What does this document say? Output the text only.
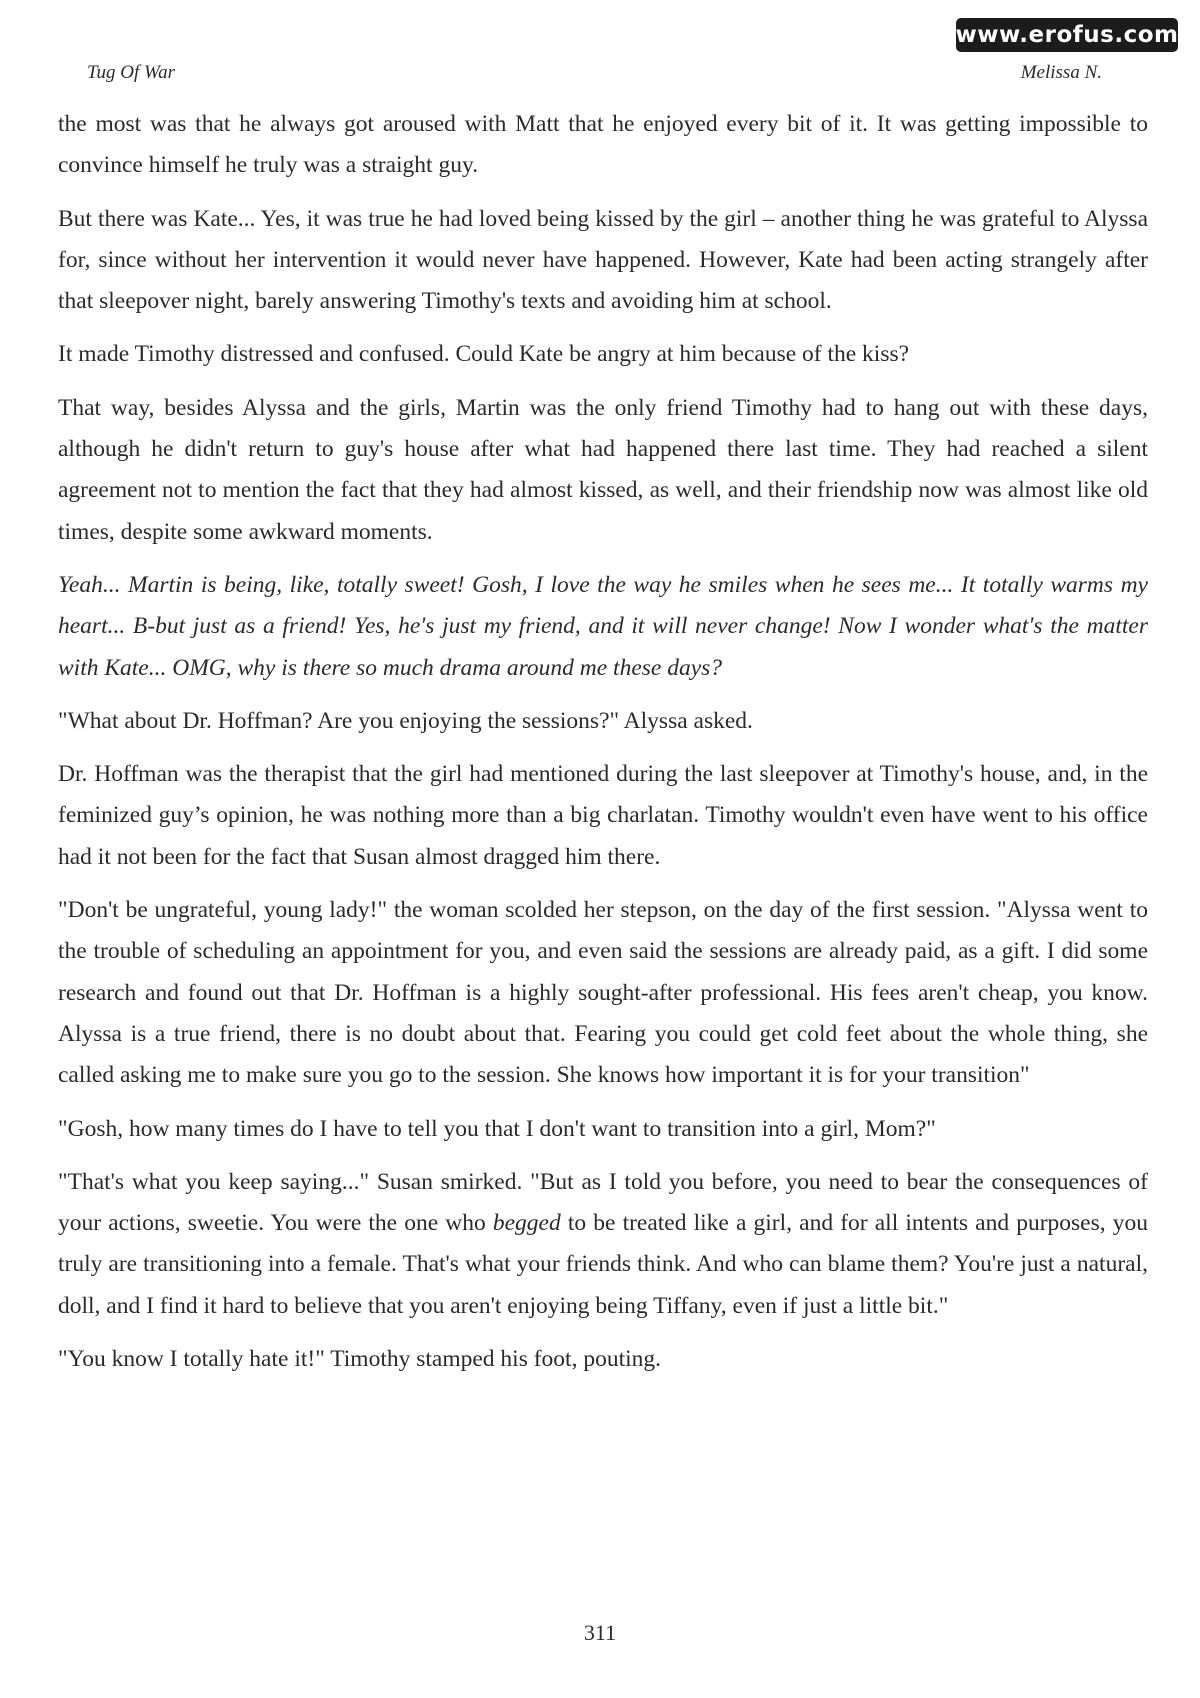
www.erofus.com
Tug Of War	Melissa N.

the most was that he always got aroused with Matt that he enjoyed every bit of it. It was getting impossible to convince himself he truly was a straight guy.

But there was Kate... Yes, it was true he had loved being kissed by the girl – another thing he was grateful to Alyssa for, since without her intervention it would never have happened. However, Kate had been acting strangely after that sleepover night, barely answering Timothy's texts and avoiding him at school.

It made Timothy distressed and confused. Could Kate be angry at him because of the kiss?

That way, besides Alyssa and the girls, Martin was the only friend Timothy had to hang out with these days, although he didn't return to guy's house after what had happened there last time. They had reached a silent agreement not to mention the fact that they had almost kissed, as well, and their friendship now was almost like old times, despite some awkward moments.

Yeah... Martin is being, like, totally sweet! Gosh, I love the way he smiles when he sees me... It totally warms my heart... B-but just as a friend! Yes, he's just my friend, and it will never change! Now I wonder what's the matter with Kate... OMG, why is there so much drama around me these days?

"What about Dr. Hoffman? Are you enjoying the sessions?" Alyssa asked.

Dr. Hoffman was the therapist that the girl had mentioned during the last sleepover at Timothy's house, and, in the feminized guy’s opinion, he was nothing more than a big charlatan. Timothy wouldn't even have went to his office had it not been for the fact that Susan almost dragged him there.

"Don't be ungrateful, young lady!" the woman scolded her stepson, on the day of the first session. "Alyssa went to the trouble of scheduling an appointment for you, and even said the sessions are already paid, as a gift. I did some research and found out that Dr. Hoffman is a highly sought-after professional. His fees aren't cheap, you know. Alyssa is a true friend, there is no doubt about that. Fearing you could get cold feet about the whole thing, she called asking me to make sure you go to the session. She knows how important it is for your transition"

"Gosh, how many times do I have to tell you that I don't want to transition into a girl, Mom?"

"That's what you keep saying..." Susan smirked. "But as I told you before, you need to bear the consequences of your actions, sweetie. You were the one who begged to be treated like a girl, and for all intents and purposes, you truly are transitioning into a female. That's what your friends think. And who can blame them? You're just a natural, doll, and I find it hard to believe that you aren't enjoying being Tiffany, even if just a little bit."

"You know I totally hate it!" Timothy stamped his foot, pouting.

311
